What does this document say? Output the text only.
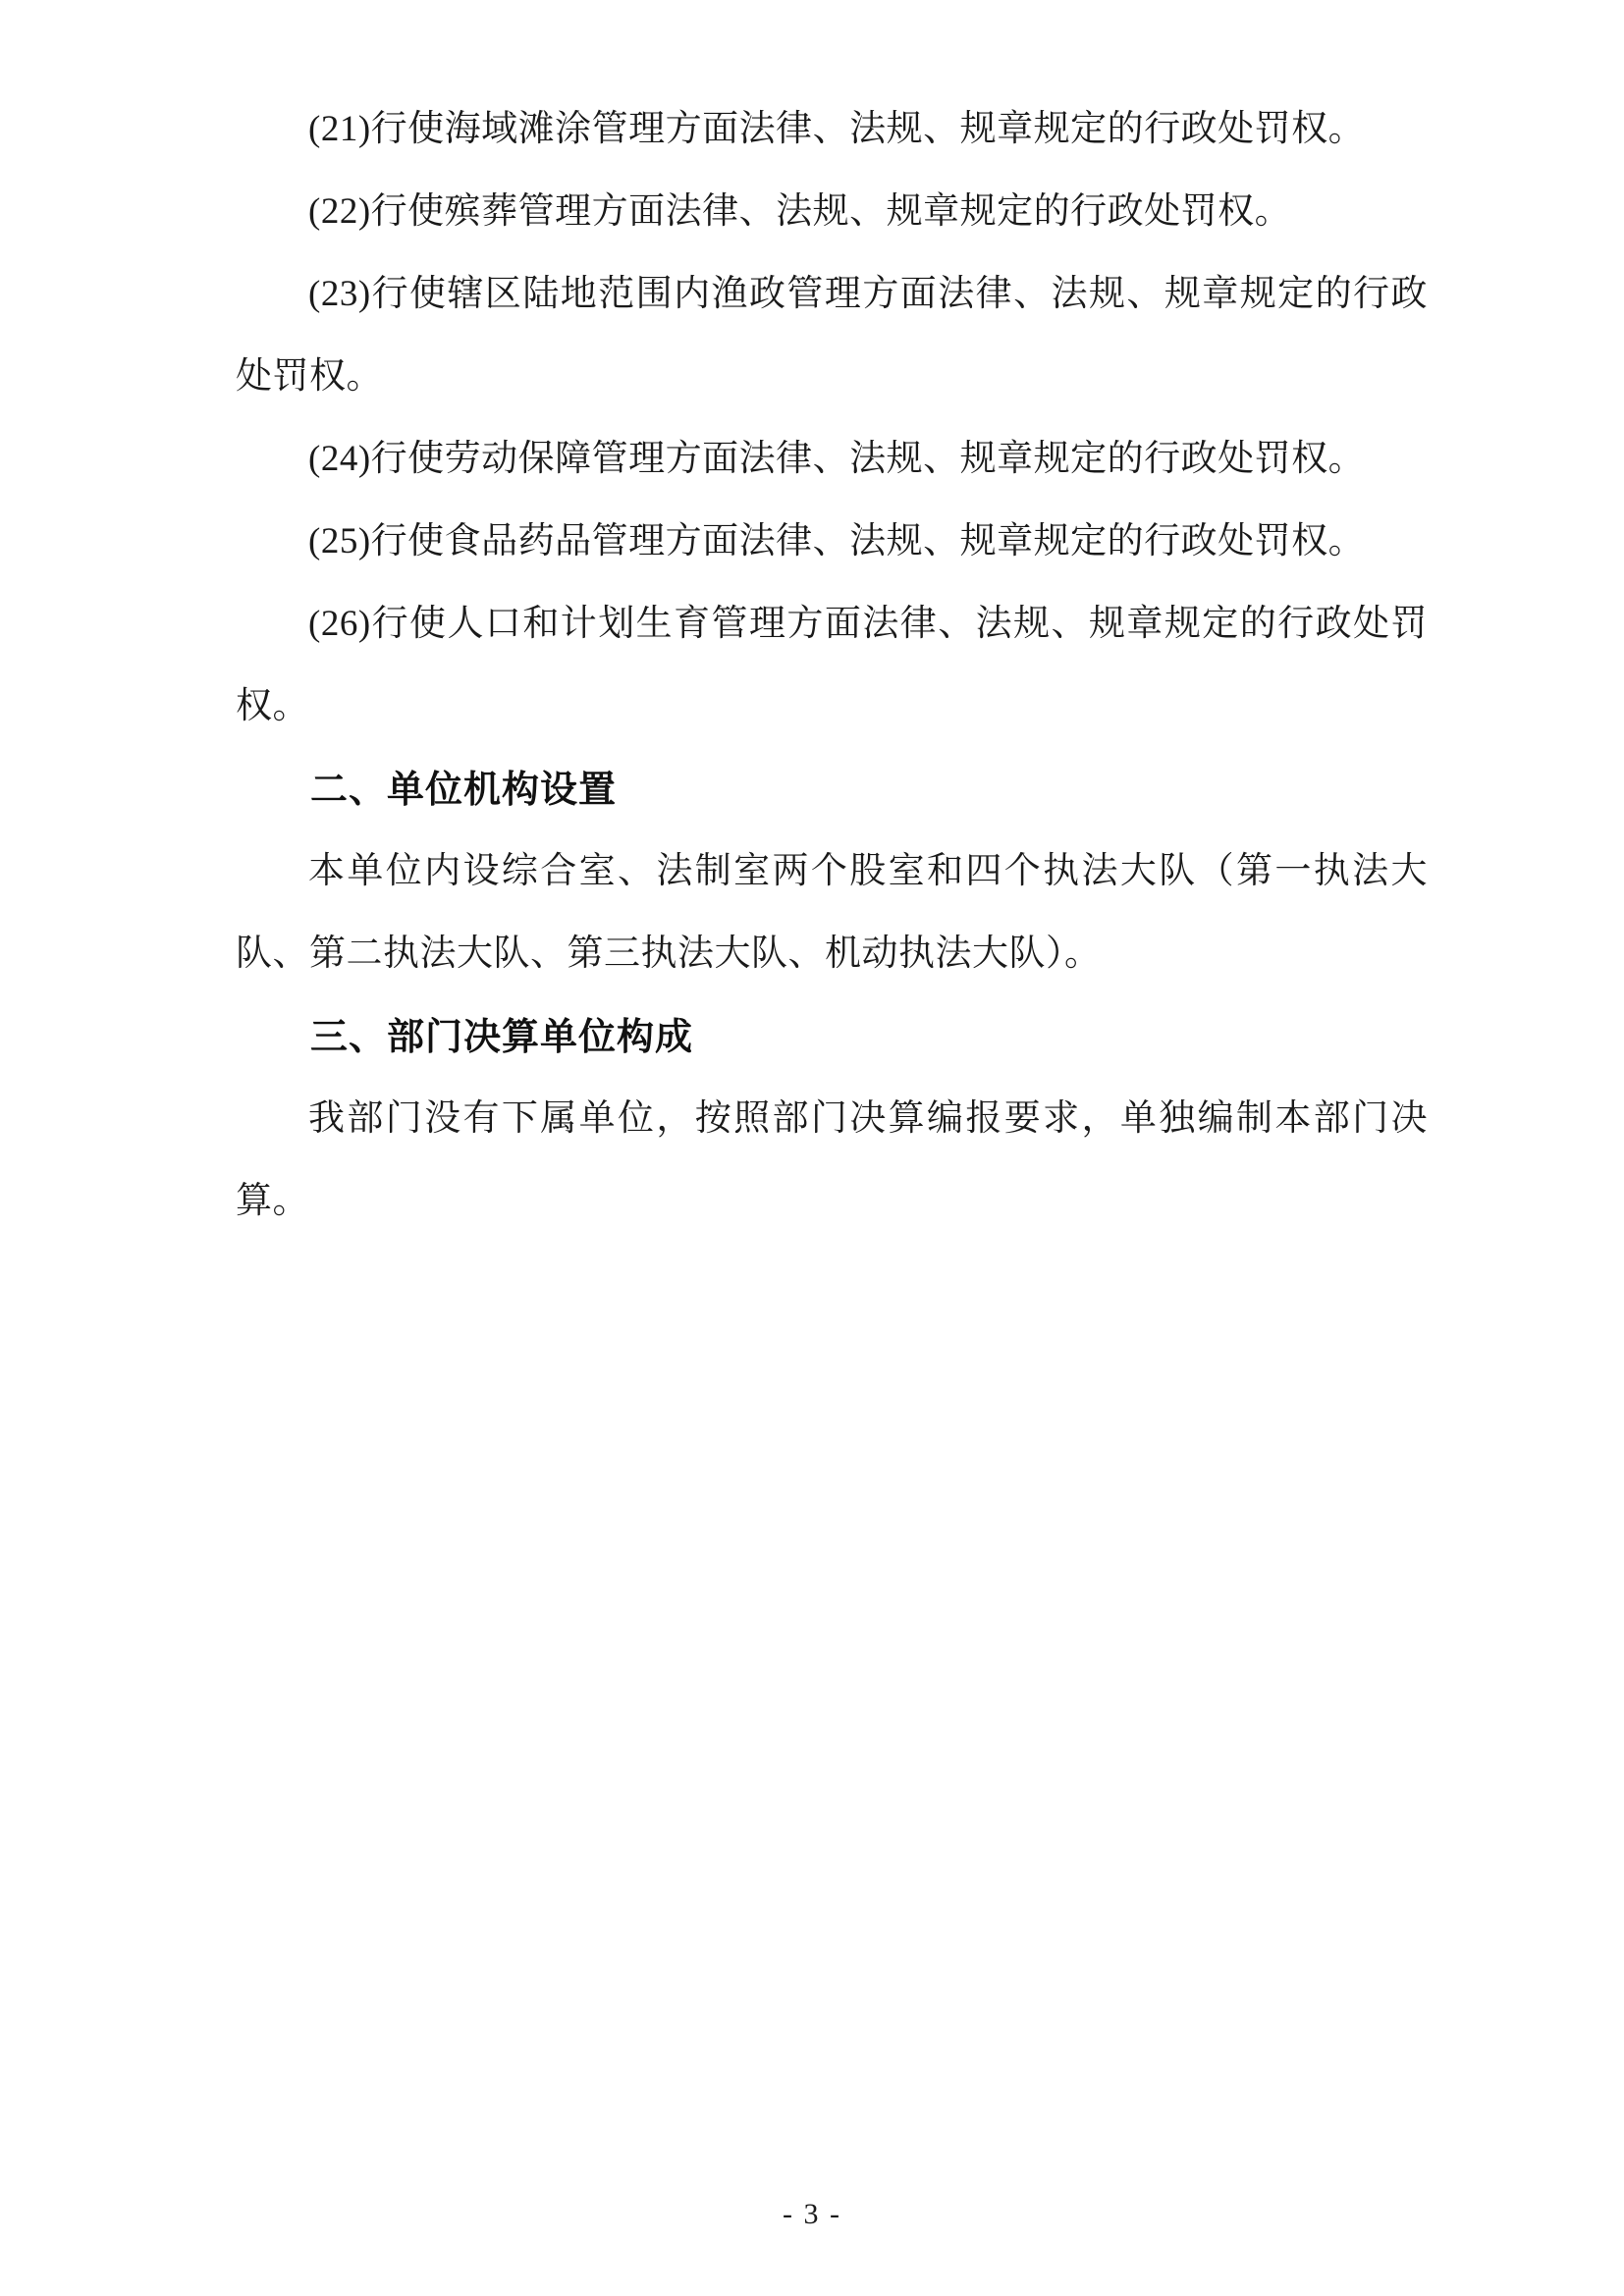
(21)行使海域滩涂管理方面法律、法规、规章规定的行政处罚权。

(22)行使殡葬管理方面法律、法规、规章规定的行政处罚权。

(23)行使辖区陆地范围内渔政管理方面法律、法规、规章规定的行政处罚权。

(24)行使劳动保障管理方面法律、法规、规章规定的行政处罚权。

(25)行使食品药品管理方面法律、法规、规章规定的行政处罚权。

(26)行使人口和计划生育管理方面法律、法规、规章规定的行政处罚权。

二、单位机构设置

本单位内设综合室、法制室两个股室和四个执法大队（第一执法大队、第二执法大队、第三执法大队、机动执法大队）。

三、部门决算单位构成

我部门没有下属单位，按照部门决算编报要求，单独编制本部门决算。

- 3 -
